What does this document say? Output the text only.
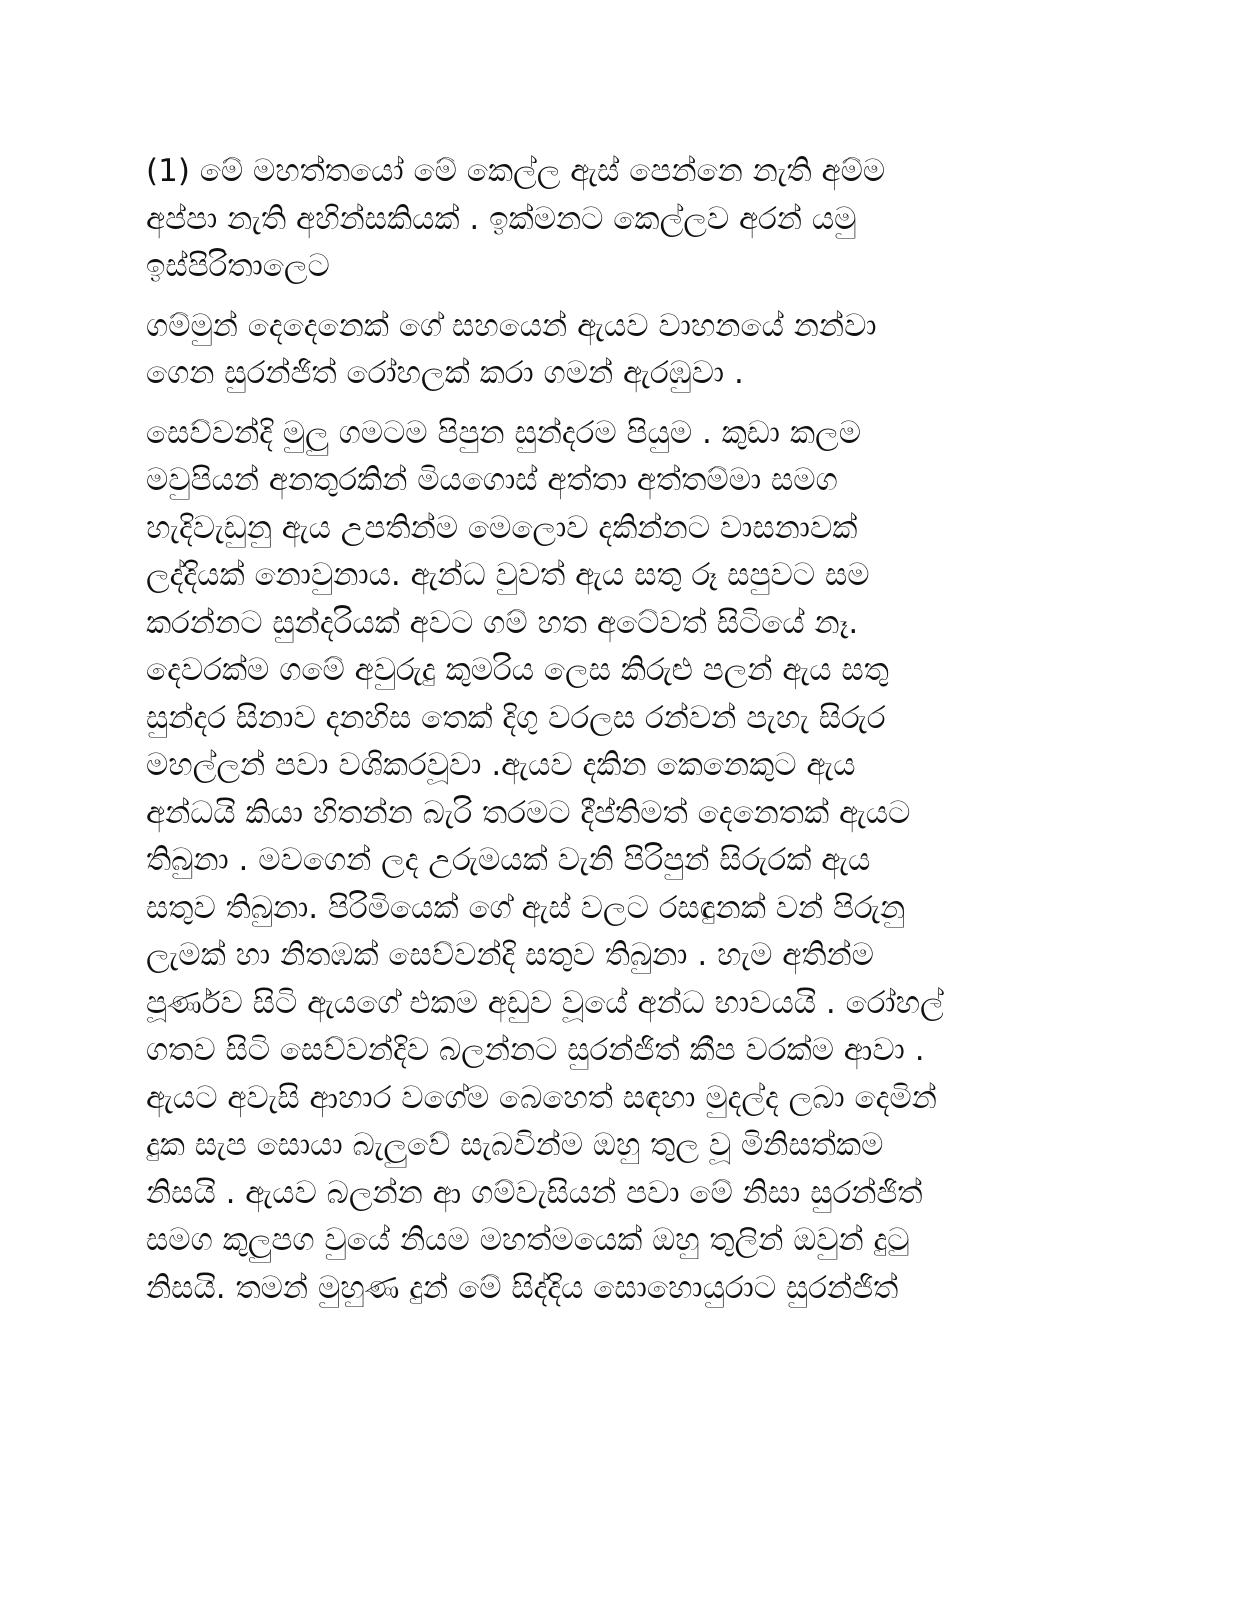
(1) මේ මහත්තයෝ මේ කෙල්ල ඇස් පෙන්නෙ නැති අම්ම
අප්පා නැති අහින්සකියක් . ඉක්මනට කෙල්ලව අරන් යමු
ඉස්පිරිතාලෙට

ගම්මුන් දෙදෙනෙක් ගේ සහයෙන් ඇයව වාහනයේ නන්වා
ගෙන සුරන්ජිත් රෝහලක් කරා ගමන් ඇරඹුවා .

සෙව්වන්දි මුලු ගමටම පිපුන සුන්දරම පියුම . කුඩා කලම
මවුපියන් අනතුරකින් මියගොස් අත්තා අත්තම්මා සමග
හැදිවැඩුනු ඇය උපතින්ම මෙලොව දකින්නට වාසනාවක්
ලද්දියක් නොවුනාය. ඇන්ධ වුවත් ඇය සතු රූ සපුවට සම
කරන්නට සුන්දරියක් අවට ගම් හත අටේවත් සිටියේ නෑ.
දෙවරක්ම ගමේ අවුරුදු කුමරිය ලෙස කිරුළු පලන් ඇය සතු
සුන්දර සිනාව දනහිස තෙක් දිගු වරලස රන්වන් පැහැ සිරුර
මහල්ලන් පවා වශිකරවූවා .ඇයව දකින කෙනෙකුට ඇය
අන්ධයි කියා හිතන්න බැරි තරමට දීප්තිමත් දෙනෙතක් ඇයට
තිබුනා . මවගෙන් ලද උරුමයක් වැනි පිරිපුන් සිරුරක් ඇය
සතුව තිබුනා. පිරිමියෙක් ගේ ඇස් වලට රසඳුනක් වන් පිරුනු
ලැමක් හා නිතඹක් සෙව්වන්දි සතුව තිබුනා . හැම අතින්ම
පූර්ණව සිටි ඇයගේ එකම අඩුව වූයේ අන්ධ භාවයයි . රෝහල්
ගතව සිටි සෙව්වන්දිව බලන්නට සුරන්ජිත් කීප වරක්ම ආවා .
ඇයට අවැසි ආහාර වගේම බෙහෙත් සඳහා මුදල්ද ලබා දෙමින්
දුක සැප සොයා බැලුවේ සැබවින්ම ඔහු තුල වූ මිනිසත්කම
නිසයි . ඇයව බලන්න ආ ගම්වැසියන් පවා මේ නිසා සුරන්ජිත්
සමග කුලුපග වුයේ නියම මහත්මයෙක් ඔහු තුලින් ඔවුන් දුටු
නිසයි. තමන් මුහුණ දුන් මේ සිද්දිය සොහොයුරාට සුරන්ජිත්
